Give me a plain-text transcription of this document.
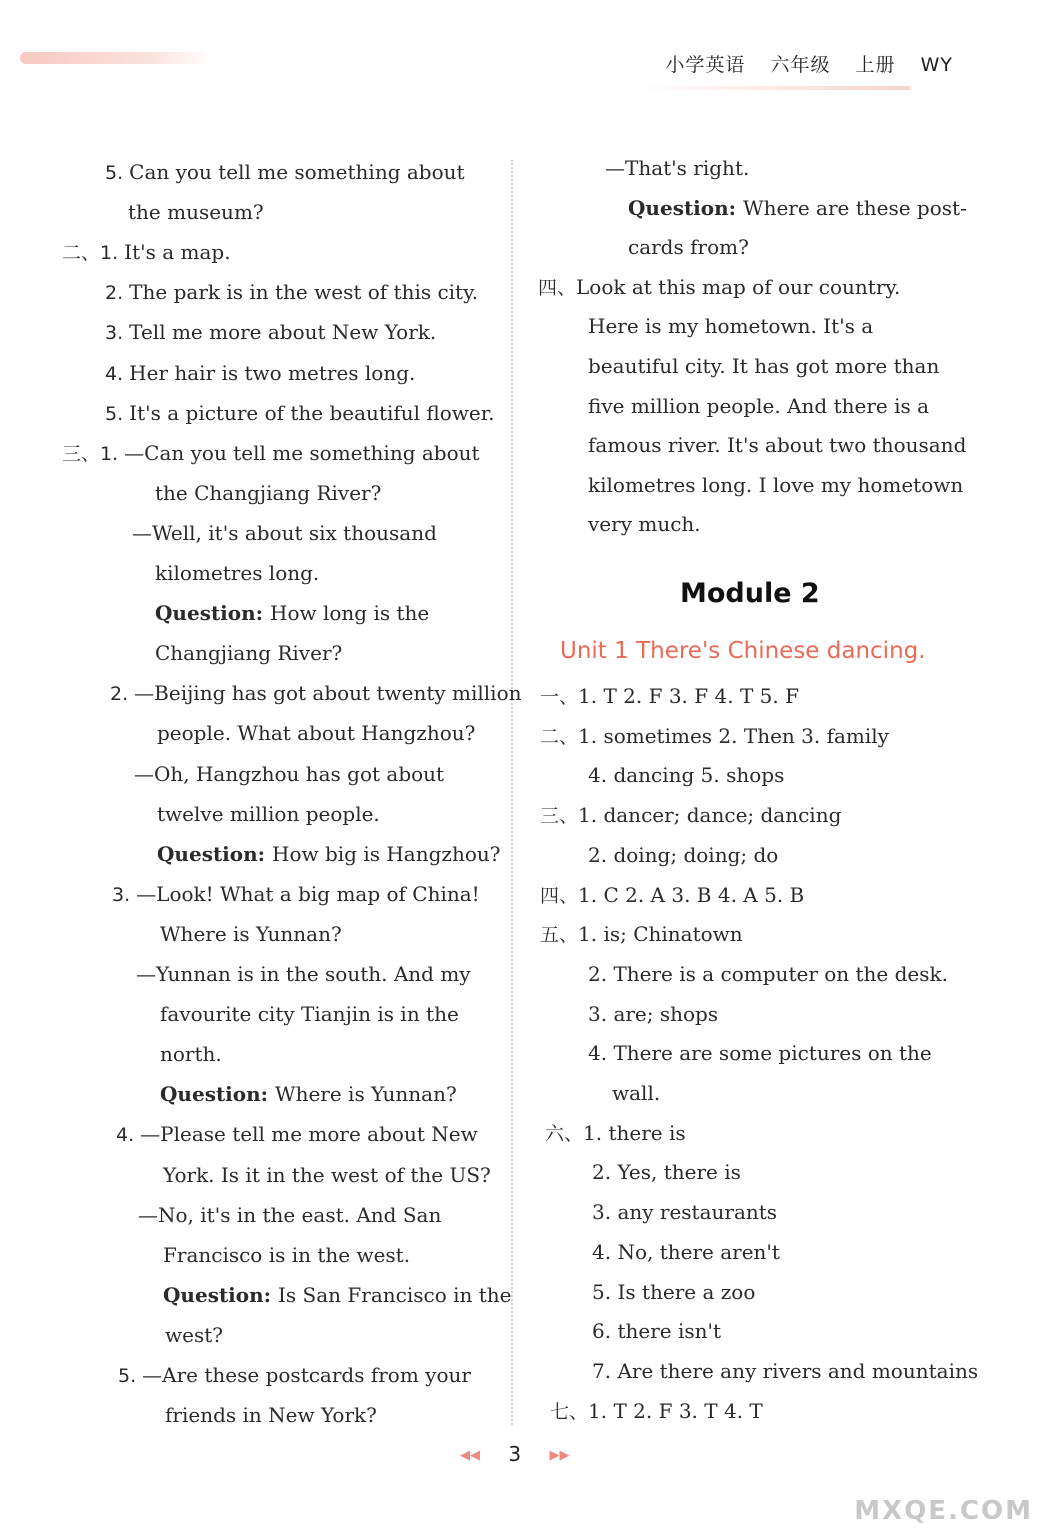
小学英语 六年级 上册 WY
5. Can you tell me something about
the museum?
二、1. It's a map.
2. The park is in the west of this city.
3. Tell me more about New York.
4. Her hair is two metres long.
5. It's a picture of the beautiful flower.
三、1. —Can you tell me something about
the Changjiang River?
—Well, it's about six thousand
kilometres long.
Question: How long is the
Changjiang River?
2. —Beijing has got about twenty million
people. What about Hangzhou?
—Oh, Hangzhou has got about
twelve million people.
Question: How big is Hangzhou?
3. —Look! What a big map of China!
Where is Yunnan?
—Yunnan is in the south. And my
favourite city Tianjin is in the
north.
Question: Where is Yunnan?
4. —Please tell me more about New
York. Is it in the west of the US?
—No, it's in the east. And San
Francisco is in the west.
Question: Is San Francisco in the
west?
5. —Are these postcards from your
friends in New York?
—That's right.
Question: Where are these post-
cards from?
四、Look at this map of our country.
Here is my hometown. It's a
beautiful city. It has got more than
five million people. And there is a
famous river. It's about two thousand
kilometres long. I love my hometown
very much.
Module 2
Unit 1 There's Chinese dancing.
一、1. T 2. F 3. F 4. T 5. F
二、1. sometimes 2. Then 3. family
4. dancing 5. shops
三、1. dancer; dance; dancing
2. doing; doing; do
四、1. C 2. A 3. B 4. A 5. B
五、1. is; Chinatown
2. There is a computer on the desk.
3. are; shops
4. There are some pictures on the
wall.
六、1. there is
2. Yes, there is
3. any restaurants
4. No, there aren't
5. Is there a zoo
6. there isn't
7. Are there any rivers and mountains
七、1. T 2. F 3. T 4. T
◀◀ 3 ▶▶
MXQE.COM
